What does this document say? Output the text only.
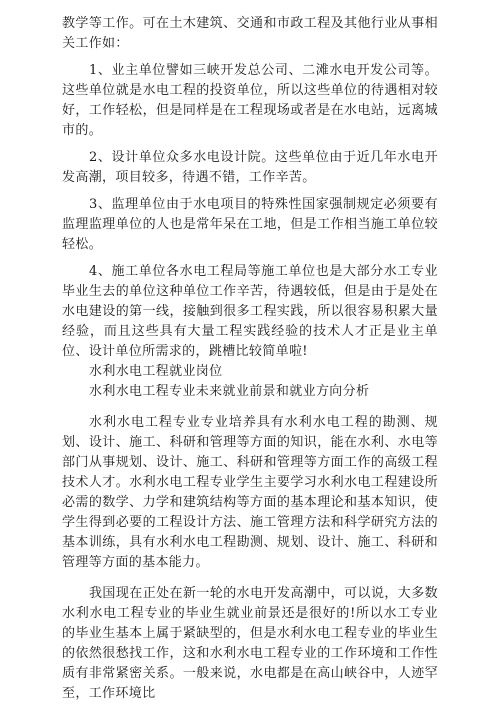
教学等工作。可在土木建筑、交通和市政工程及其他行业从事相关工作如：

1、业主单位譬如三峡开发总公司、二滩水电开发公司等。这些单位就是水电工程的投资单位，所以这些单位的待遇相对较好，工作轻松，但是同样是在工程现场或者是在水电站，远离城市的。

2、设计单位众多水电设计院。这些单位由于近几年水电开发高潮，项目较多，待遇不错，工作辛苦。

3、监理单位由于水电项目的特殊性国家强制规定必须要有监理监理单位的人也是常年呆在工地，但是工作相当施工单位较轻松。

4、施工单位各水电工程局等施工单位也是大部分水工专业毕业生去的单位这种单位工作辛苦，待遇较低，但是由于是处在水电建设的第一线，接触到很多工程实践，所以很容易积累大量经验，而且这些具有大量工程实践经验的技术人才正是业主单位、设计单位所需求的，跳槽比较简单啦!

水利水电工程就业岗位

水利水电工程专业未来就业前景和就业方向分析

水利水电工程专业专业培养具有水利水电工程的勘测、规划、设计、施工、科研和管理等方面的知识，能在水利、水电等部门从事规划、设计、施工、科研和管理等方面工作的高级工程技术人才。水利水电工程专业学生主要学习水利水电工程建设所必需的数学、力学和建筑结构等方面的基本理论和基本知识，使学生得到必要的工程设计方法、施工管理方法和科学研究方法的基本训练，具有水利水电工程勘测、规划、设计、施工、科研和管理等方面的基本能力。

我国现在正处在新一轮的水电开发高潮中，可以说，大多数水利水电工程专业的毕业生就业前景还是很好的!所以水工专业的毕业生基本上属于紧缺型的，但是水利水电工程专业的毕业生的依然很愁找工作，这和水利水电工程专业的工作环境和工作性质有非常紧密关系。一般来说，水电都是在高山峡谷中，人迹罕至，工作环境比
